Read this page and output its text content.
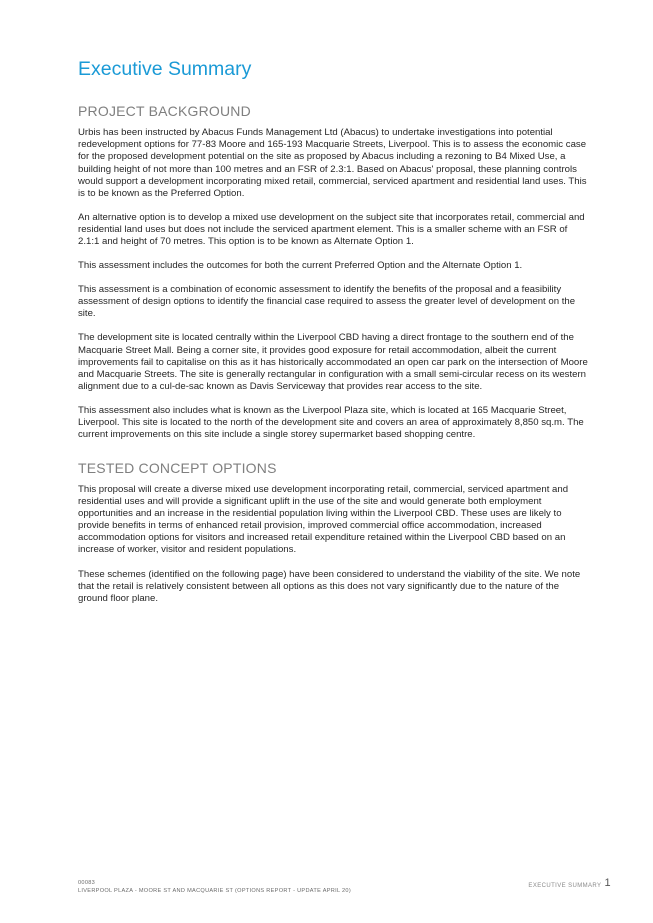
Executive Summary
PROJECT BACKGROUND

Urbis has been instructed by Abacus Funds Management Ltd (Abacus) to undertake investigations into potential redevelopment options for 77-83 Moore and 165-193 Macquarie Streets, Liverpool. This is to assess the economic case for the proposed development potential on the site as proposed by Abacus including a rezoning to B4 Mixed Use, a building height of not more than 100 metres and an FSR of 2.3:1. Based on Abacus' proposal, these planning controls would support a development incorporating mixed retail, commercial, serviced apartment and residential land uses. This is to be known as the Preferred Option.

An alternative option is to develop a mixed use development on the subject site that incorporates retail, commercial and residential land uses but does not include the serviced apartment element. This is a smaller scheme with an FSR of 2.1:1 and height of 70 metres. This option is to be known as Alternate Option 1.

This assessment includes the outcomes for both the current Preferred Option and the Alternate Option 1.

This assessment is a combination of economic assessment to identify the benefits of the proposal and a feasibility assessment of design options to identify the financial case required to assess the greater level of development on the site.

The development site is located centrally within the Liverpool CBD having a direct frontage to the southern end of the Macquarie Street Mall. Being a corner site, it provides good exposure for retail accommodation, albeit the current improvements fail to capitalise on this as it has historically accommodated an open car park on the intersection of Moore and Macquarie Streets. The site is generally rectangular in configuration with a small semi-circular recess on its western alignment due to a cul-de-sac known as Davis Serviceway that provides rear access to the site.

This assessment also includes what is known as the Liverpool Plaza site, which is located at 165 Macquarie Street, Liverpool. This site is located to the north of the development site and covers an area of approximately 8,850 sq.m. The current improvements on this site include a single storey supermarket based shopping centre.

TESTED CONCEPT OPTIONS

This proposal will create a diverse mixed use development incorporating retail, commercial, serviced apartment and residential uses and will provide a significant uplift in the use of the site and would generate both employment opportunities and an increase in the residential population living within the Liverpool CBD. These uses are likely to provide benefits in terms of enhanced retail provision, improved commercial office accommodation, increased accommodation options for visitors and increased retail expenditure retained within the Liverpool CBD based on an increase of worker, visitor and resident populations.

These schemes (identified on the following page) have been considered to understand the viability of the site. We note that the retail is relatively consistent between all options as this does not vary significantly due to the nature of the ground floor plane.

00083
LIVERPOOL PLAZA - MOORE ST AND MACQUARIE ST (OPTIONS REPORT - UPDATE APRIL 20)
EXECUTIVE SUMMARY 1
